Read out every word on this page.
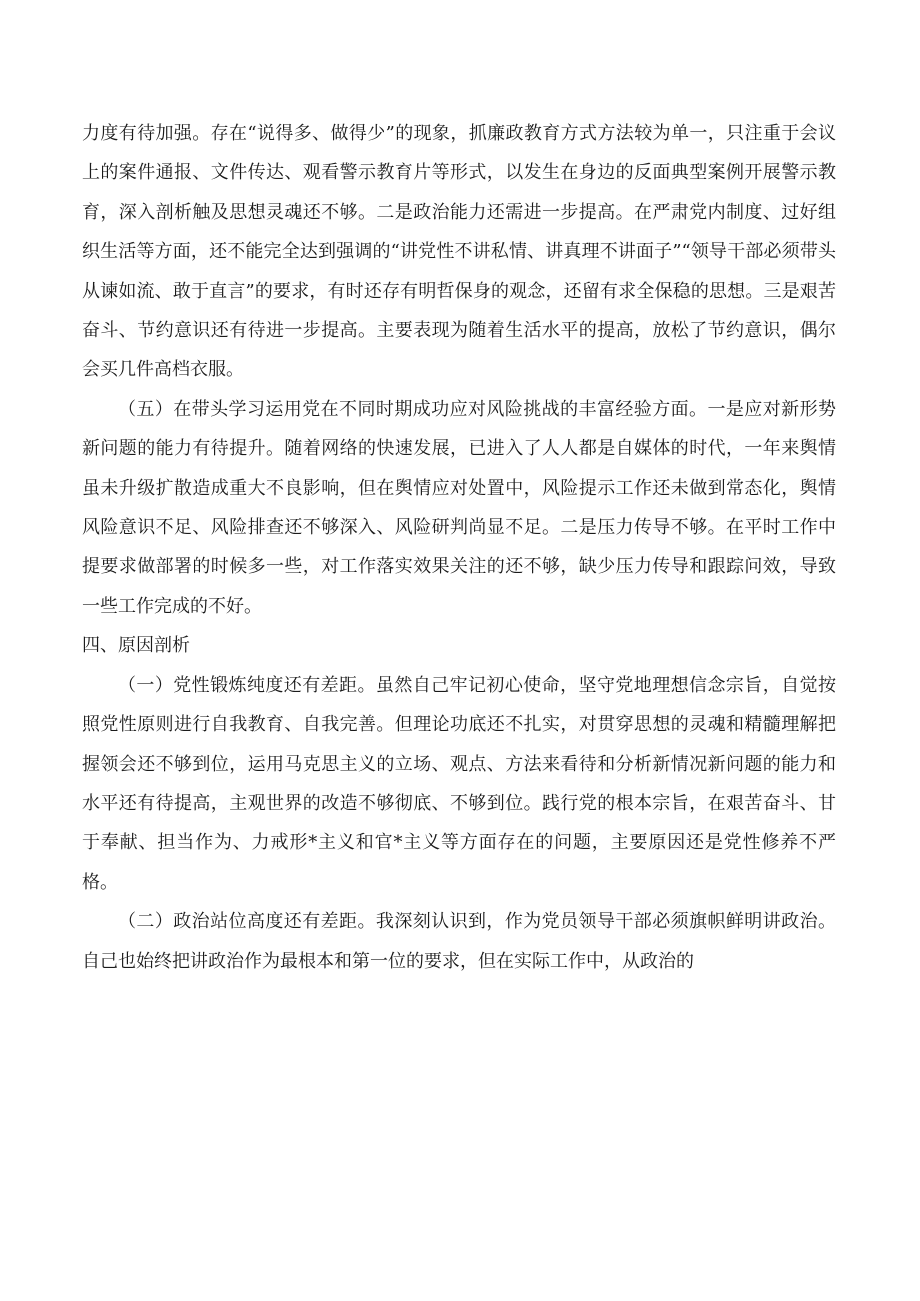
力度有待加强。存在“说得多、做得少”的现象，抓廉政教育方式方法较为单一，只注重于会议上的案件通报、文件传达、观看警示教育片等形式，以发生在身边的反面典型案例开展警示教育，深入剖析触及思想灵魂还不够。二是政治能力还需进一步提高。在严肃党内制度、过好组织生活等方面，还不能完全达到强调的“讲党性不讲私情、讲真理不讲面子”“领导干部必须带头从谏如流、敢于直言”的要求，有时还存有明哲保身的观念，还留有求全保稳的思想。三是艰苦奋斗、节约意识还有待进一步提高。主要表现为随着生活水平的提高，放松了节约意识，偶尔会买几件高档衣服。

（五）在带头学习运用党在不同时期成功应对风险挑战的丰富经验方面。一是应对新形势新问题的能力有待提升。随着网络的快速发展，已进入了人人都是自媒体的时代，一年来舆情虽未升级扩散造成重大不良影响，但在舆情应对处置中，风险提示工作还未做到常态化，舆情风险意识不足、风险排查还不够深入、风险研判尚显不足。二是压力传导不够。在平时工作中提要求做部署的时候多一些，对工作落实效果关注的还不够，缺少压力传导和跟踪问效，导致一些工作完成的不好。

四、原因剖析

（一）党性锻炼纯度还有差距。虽然自己牢记初心使命，坚守党地理想信念宗旨，自觉按照党性原则进行自我教育、自我完善。但理论功底还不扎实，对贯穿思想的灵魂和精髓理解把握领会还不够到位，运用马克思主义的立场、观点、方法来看待和分析新情况新问题的能力和水平还有待提高，主观世界的改造不够彻底、不够到位。践行党的根本宗旨，在艰苦奋斗、甘于奉献、担当作为、力戒形*主义和官*主义等方面存在的问题，主要原因还是党性修养不严格。

（二）政治站位高度还有差距。我深刻认识到，作为党员领导干部必须旗帜鲜明讲政治。自己也始终把讲政治作为最根本和第一位的要求，但在实际工作中，从政治的
